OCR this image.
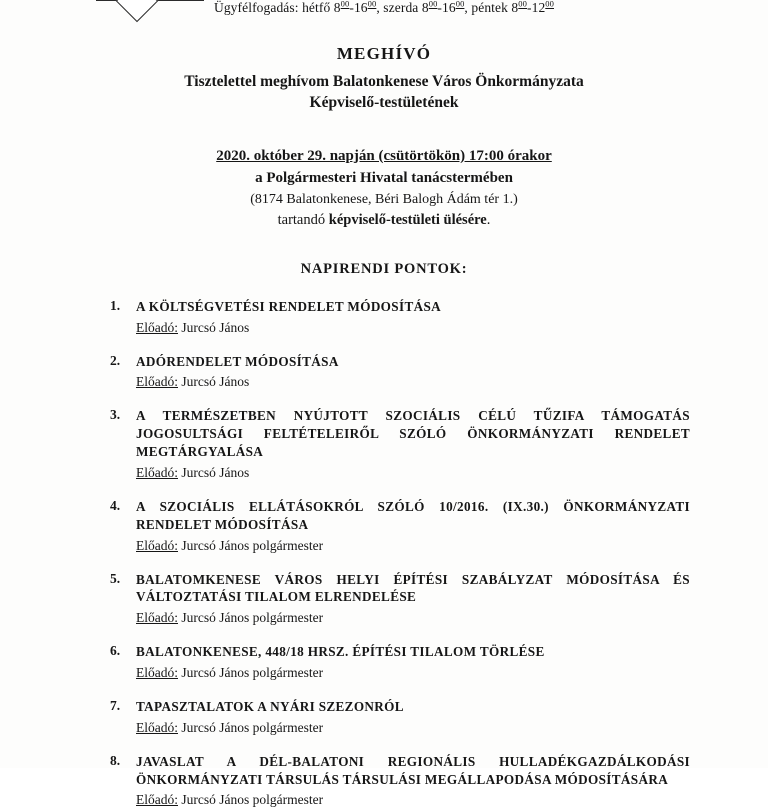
Ügyfélfogadás: hétfő $8^{00}-16^{00}$, szerda $8^{00}-16^{00}$, péntek $8^{00}-12^{00}$
MEGHÍVÓ
Tisztelettel meghívom Balatonkenese Város Önkormányzata
Képviselő-testületének
2020. október 29. napján (csütörtökön) 17:00 órakor
a Polgármesteri Hivatal tanácstermében
(8174 Balatonkenese, Béri Balogh Ádám tér 1.)
tartandó képviselő-testületi ülésére.
NAPIRENDI PONTOK:
1.	A KÖLTSÉGVETÉSI RENDELET MÓDOSÍTÁSA
Előadó: Jurcsó János
2.	ADÓRENDELET MÓDOSÍTÁSA
Előadó: Jurcsó János
3.	A TERMÉSZETBEN NYÚJTOTT SZOCIÁLIS CÉLÚ TŰZIFA TÁMOGATÁS JOGOSULTSÁGI FELTÉTELEIRŐL SZÓLÓ ÖNKORMÁNYZATI RENDELET MEGTÁRGYALÁSA
Előadó: Jurcsó János
4.	A SZOCIÁLIS ELLÁTÁSOKRÓL SZÓLÓ 10/2016. (IX.30.) ÖNKORMÁNYZATI RENDELET MÓDOSÍTÁSA
Előadó: Jurcsó János polgármester
5.	BALATOMKENESE VÁROS HELYI ÉPÍTÉSI SZABÁLYZAT MÓDOSÍTÁSA ÉS VÁLTOZTATÁSI TILALOM ELRENDELÉSE
Előadó: Jurcsó János polgármester
6.	BALATONKENESE, 448/18 HRSZ. ÉPÍTÉSI TILALOM TÖRLÉSE
Előadó: Jurcsó János polgármester
7.	TAPASZTALATOK A NYÁRI SZEZONRÓL
Előadó: Jurcsó János polgármester
8.	JAVASLAT A DÉL-BALATONI REGIONÁLIS HULLADÉKGAZDÁLKODÁSI ÖNKORMÁNYZATI TÁRSULÁS TÁRSULÁSI MEGÁLLAPODÁSA MÓDOSÍTÁSÁRA
Előadó: Jurcsó János polgármester
